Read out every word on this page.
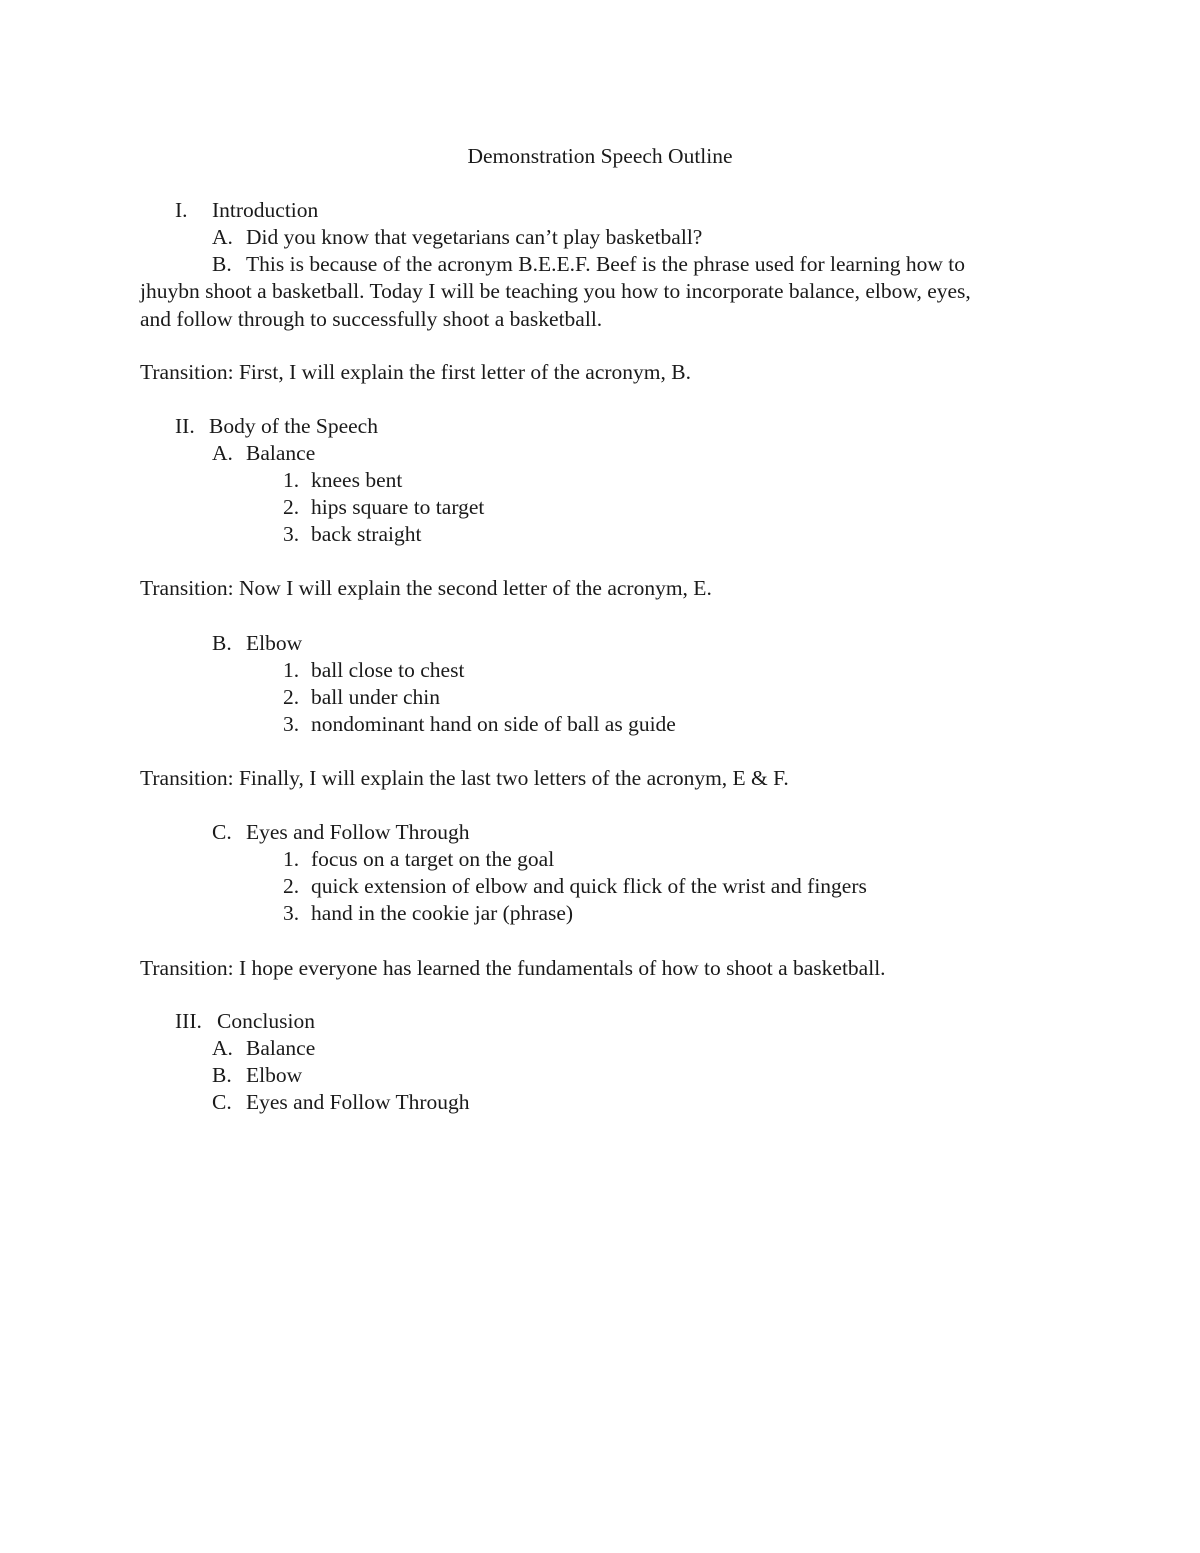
Demonstration Speech Outline
I. Introduction
A. Did you know that vegetarians can’t play basketball?
B. This is because of the acronym B.E.E.F. Beef is the phrase used for learning how to
jhuybn shoot a basketball. Today I will be teaching you how to incorporate balance, elbow, eyes,
and follow through to successfully shoot a basketball.
Transition: First, I will explain the first letter of the acronym, B.
II. Body of the Speech
A. Balance
1. knees bent
2. hips square to target
3. back straight
Transition: Now I will explain the second letter of the acronym, E.
B. Elbow
1. ball close to chest
2. ball under chin
3. nondominant hand on side of ball as guide
Transition: Finally, I will explain the last two letters of the acronym, E & F.
C. Eyes and Follow Through
1. focus on a target on the goal
2. quick extension of elbow and quick flick of the wrist and fingers
3. hand in the cookie jar (phrase)
Transition: I hope everyone has learned the fundamentals of how to shoot a basketball.
III. Conclusion
A. Balance
B. Elbow
C. Eyes and Follow Through
